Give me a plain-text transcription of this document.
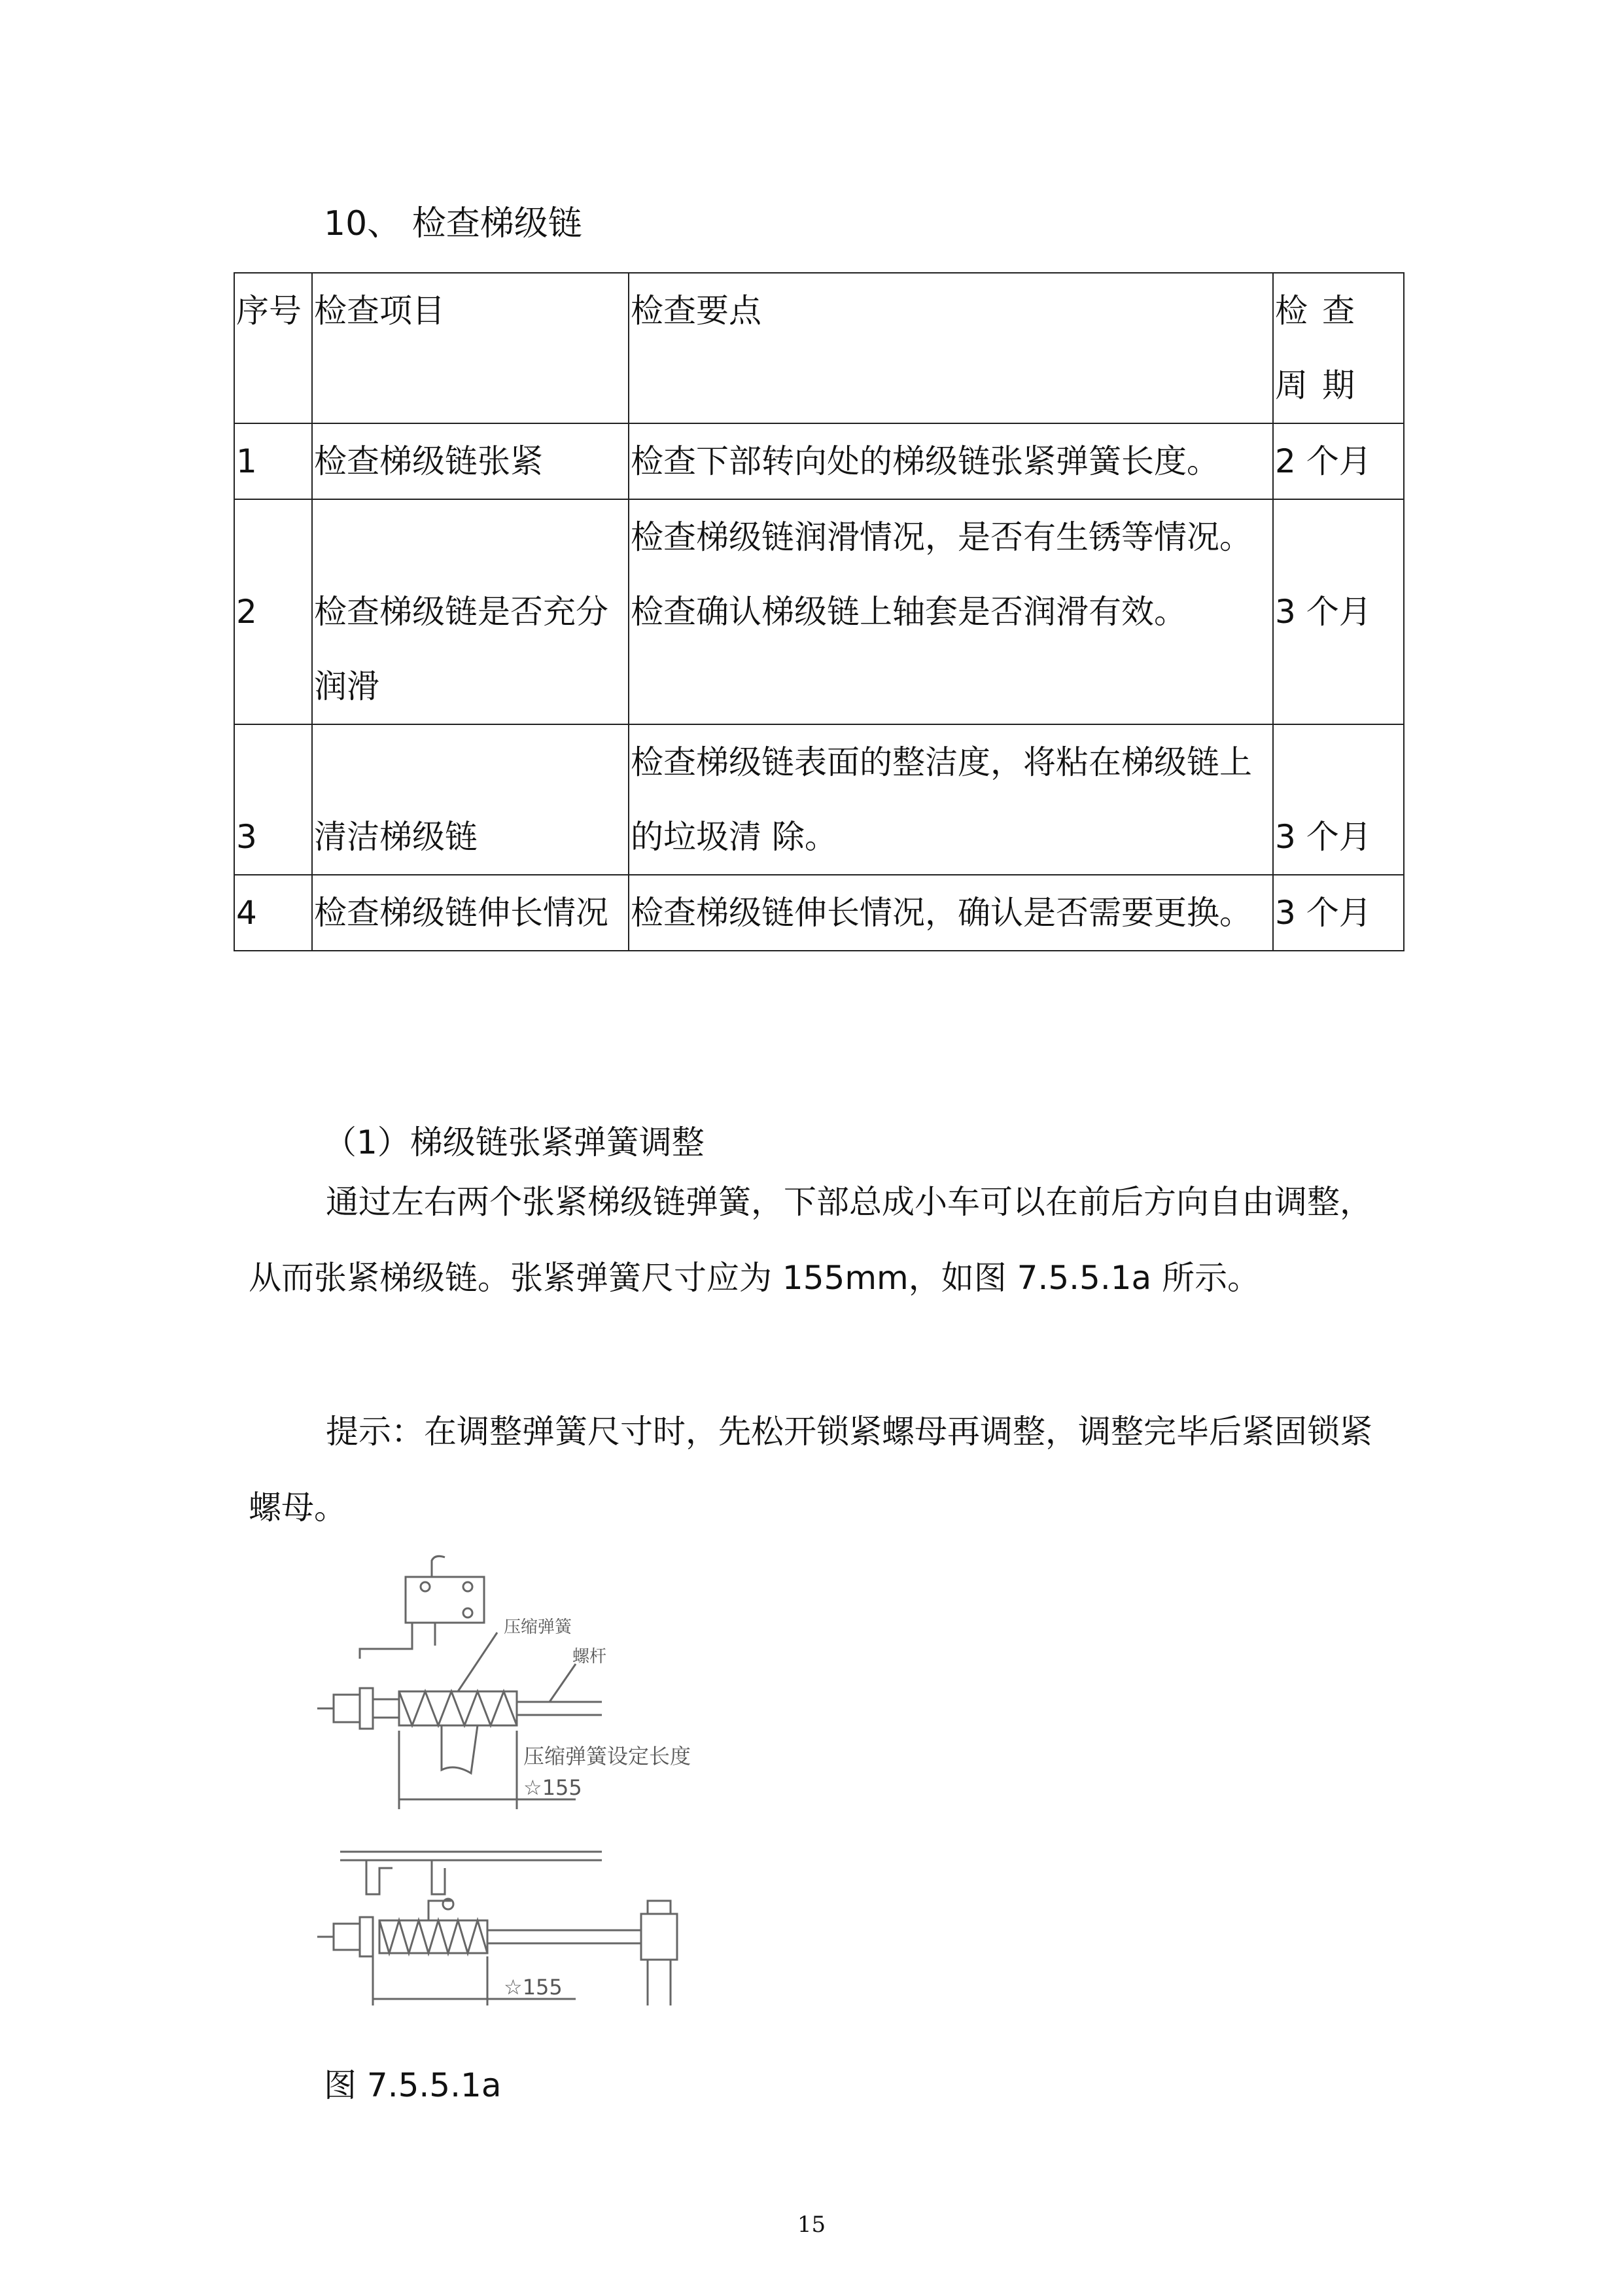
10、 检查梯级链
序号	检查项目	检查要点	检查周期
1	检查梯级链张紧	检查下部转向处的梯级链张紧弹簧长度。	2 个月
2	检查梯级链是否充分润滑	检查梯级链润滑情况，是否有生锈等情况。 检查确认梯级链上轴套是否润滑有效。	3 个月
3	清洁梯级链	检查梯级链表面的整洁度，将粘在梯级链上的垃圾清 除。	3 个月
4	检查梯级链伸长情况	检查梯级链伸长情况，确认是否需要更换。	3 个月
（1）梯级链张紧弹簧调整
通过左右两个张紧梯级链弹簧，下部总成小车可以在前后方向自由调整，从而张紧梯级链。张紧弹簧尺寸应为 155mm，如图 7.5.5.1a 所示。
提示：在调整弹簧尺寸时，先松开锁紧螺母再调整，调整完毕后紧固锁紧螺母。
压缩弹簧
螺杆
压缩弹簧设定长度
☆155
☆155
图 7.5.5.1a
15
